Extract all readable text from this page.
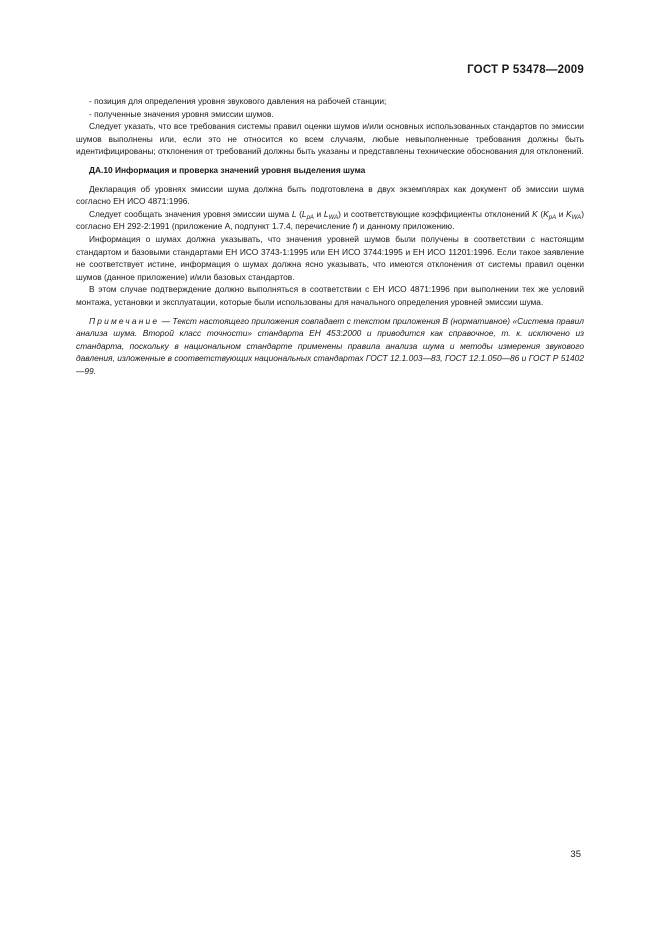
ГОСТ Р 53478—2009

- позиция для определения уровня звукового давления на рабочей станции;

- полученные значения уровня эмиссии шумов.

Следует указать, что все требования системы правил оценки шумов и/или основных использованных стандартов по эмиссии шумов выполнены или, если это не относится ко всем случаям, любые невыполненные требования должны быть идентифицированы; отклонения от требований должны быть указаны и представлены технические обоснования для отклонений.

ДА.10 Информация и проверка значений уровня выделения шума

Декларация об уровнях эмиссии шума должна быть подготовлена в двух экземплярах как документ об эмиссии шума согласно ЕН ИСО 4871:1996.

Следует сообщать значения уровня эмиссии шума L ($L_{pA}$ и $L_{WA}$) и соответствующие коэффициенты отклонений K ($K_{pA}$ и $K_{WA}$) согласно ЕН 292-2:1991 (приложение А, подпункт 1.7.4, перечисление f) и данному приложению.

Информация о шумах должна указывать, что значения уровней шумов были получены в соответствии с настоящим стандартом и базовыми стандартами ЕН ИСО 3743-1:1995 или ЕН ИСО 3744:1995 и ЕН ИСО 11201:1996. Если такое заявление не соответствует истине, информация о шумах должна ясно указывать, что имеются отклонения от системы правил оценки шумов (данное приложение) и/или базовых стандартов.

В этом случае подтверждение должно выполняться в соответствии с ЕН ИСО 4871:1996 при выполнении тех же условий монтажа, установки и эксплуатации, которые были использованы для начального определения уровней эмиссии шума.

Примечание — Текст настоящего приложения совпадает с текстом приложения В (нормативное) «Система правил анализа шума. Второй класс точности» стандарта ЕН 453:2000 и приводится как справочное, т. к. исключено из стандарта, поскольку в национальном стандарте применены правила анализа шума и методы измерения звукового давления, изложенные в соответствующих национальных стандартах ГОСТ 12.1.003—83, ГОСТ 12.1.050—86 и ГОСТ Р 51402—99.

35
